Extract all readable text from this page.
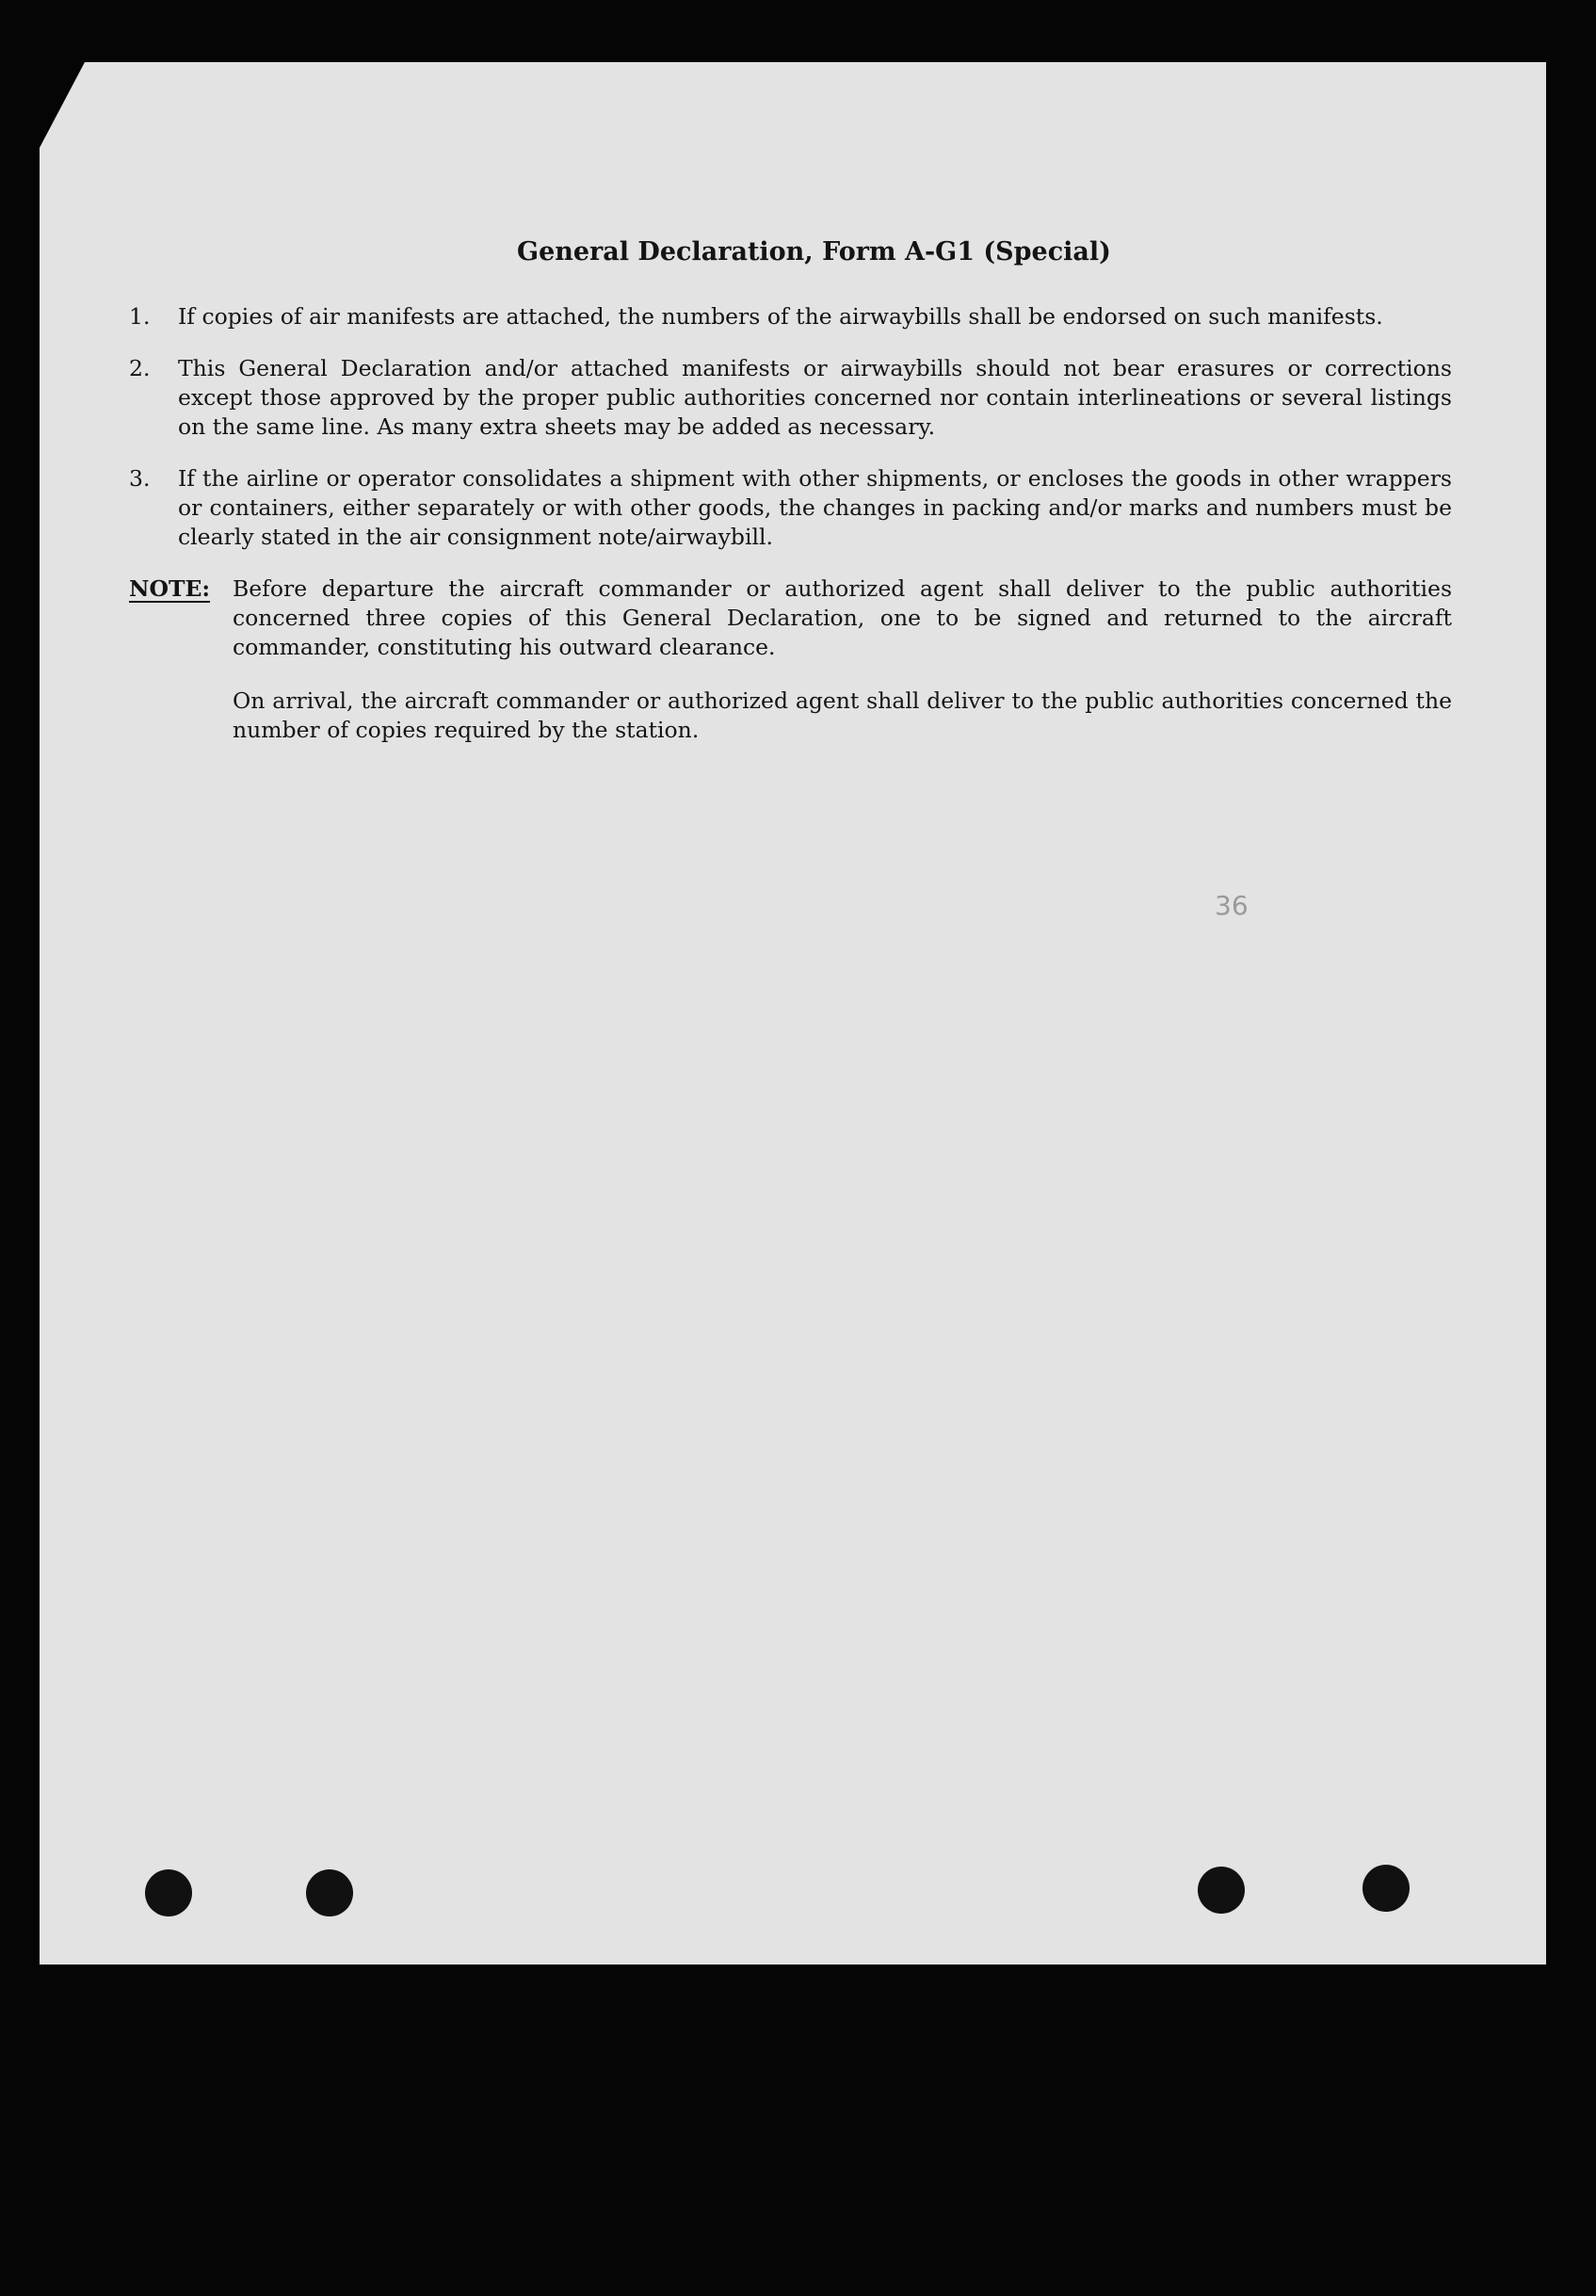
General Declaration, Form A-G1 (Special)
1.	If copies of air manifests are attached, the numbers of the airwaybills shall be endorsed on such manifests.
2.	This General Declaration and/or attached manifests or airwaybills should not bear erasures or corrections except those approved by the proper public authorities concerned nor contain interlineations or several listings on the same line. As many extra sheets may be added as necessary.
3.	If the airline or operator consolidates a shipment with other shipments, or encloses the goods in other wrappers or containers, either separately or with other goods, the changes in packing and/or marks and numbers must be clearly stated in the air consignment note/airwaybill.
NOTE:	Before departure the aircraft commander or authorized agent shall deliver to the public authorities concerned three copies of this General Declaration, one to be signed and returned to the aircraft commander, constituting his outward clearance.

On arrival, the aircraft commander or authorized agent shall deliver to the public authorities concerned the number of copies required by the station.

36
